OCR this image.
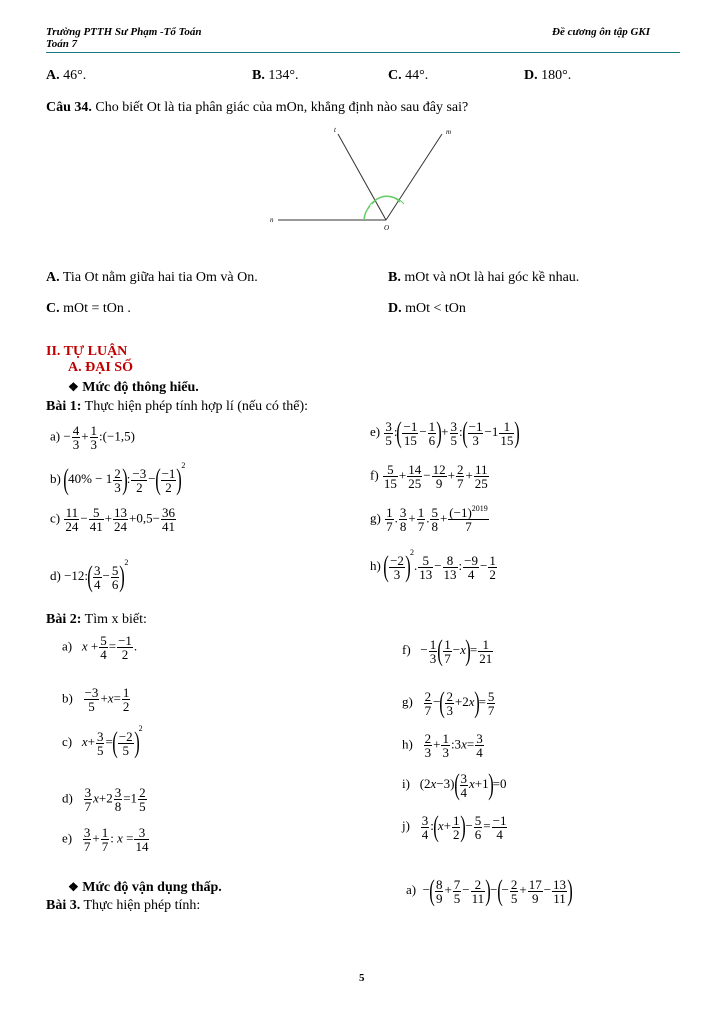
Trường PTTH Sư Phạm -Tổ Toán
Toán 7
Đề cương ôn tập GKI
A. 46°.	B. 134°.	C. 44°.	D. 180°.
Câu 34. Cho biết Ot là tia phân giác của mOn, khẳng định nào sau đây sai?
t	m
n
O
A. Tia Ot nằm giữa hai tia Om và On.	B. mOt và nOt là hai góc kề nhau.
C. mOt = tOn .	D. mOt < tOn
II. TỰ LUẬN
A. ĐẠI SỐ
❖ Mức độ thông hiểu.
Bài 1: Thực hiện phép tính hợp lí (nếu có thể):
$a) - \frac{4}{3} + \frac{1}{3}$ :(−1,5)
b) ($40\% - 1 \frac{2}{3}$ ): $\frac{-3}{2}$ −( $\frac{-1}{2} )^2$
$c) \frac{11}{24} - \frac{5}{41} + \frac{13}{24} +0,5- \frac{36}{41}$
d) −12:( $\frac{3}{4} - \frac{5}{6} )^2$
$e) \frac{3}{5}$ :( $\frac{-1}{15} - \frac{1}{6}$ )+ $\frac{3}{5}$ :( $\frac{-1}{3} -1 \frac{1}{15}$ )
$f) \frac{5}{15} + \frac{14}{25} - \frac{12}{9} + \frac{2}{7} + \frac{11}{25}$
$g) \frac{1}{7}$ . $\frac{3}{8} + \frac{1}{7}$ . $\frac{5}{8} + \frac{(-1)^{2019}}{7}$
h) ( $\frac{-2}{3} )^2$. $\frac{5}{13} - \frac{8}{13}$ : $\frac{-9}{4} - \frac{1}{2}$
Bài 2: Tìm x biết:
a) $x + \frac{5}{4} = \frac{-1}{2}$ .
$b) \frac{-3}{5} +x= \frac{1}{2}$
c) $x+ \frac{3}{5}$ =( $\frac{-2}{5} )^2$
$d) \frac{3}{7} x+2 \frac{3}{8} =1 \frac{2}{5}$
$e) \frac{3}{7} + \frac{1}{7}$ : $x = \frac{3}{14}$
$f) - \frac{1}{3}$ ( $\frac{1}{7} -x)= \frac{1}{21}$
$g) \frac{2}{7}$ −( $\frac{2}{3} +2x)= \frac{5}{7}$
$h) \frac{2}{3} + \frac{1}{3}$ :3x= $\frac{3}{4}$
i)   $(2x-3)( \frac{3}{4} x+1)=0$
$j) \frac{3}{4}$ :(x+ $\frac{1}{2}$ )− $\frac{5}{6} = \frac{-1}{4}$
❖ Mức độ vận dụng thấp.
Bài 3. Thực hiện phép tính:
a)  −( $\frac{8}{9} + \frac{7}{5} - \frac{2}{11}$ )−(− $\frac{2}{5} + \frac{17}{9} - \frac{13}{11}$ )
5
